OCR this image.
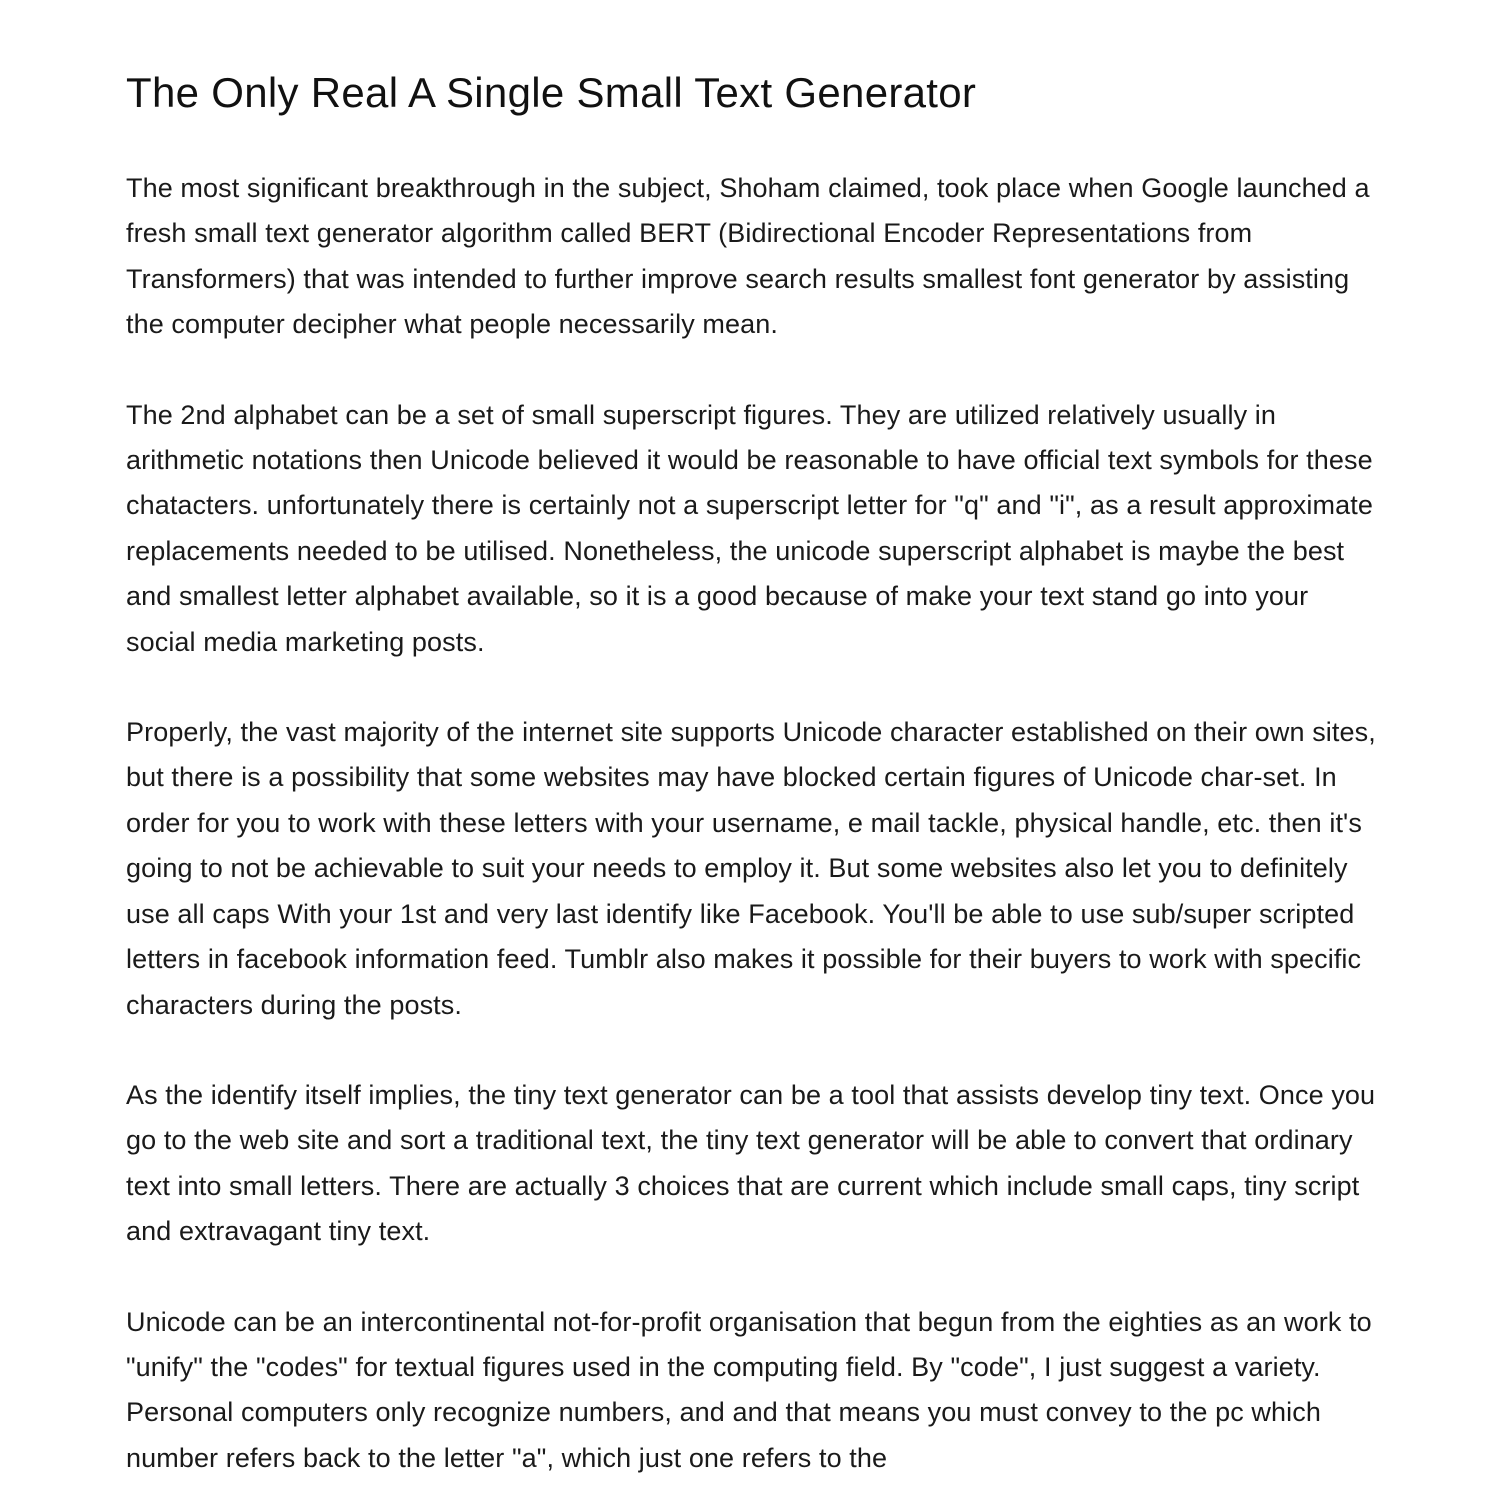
The Only Real A Single Small Text Generator

The most significant breakthrough in the subject, Shoham claimed, took place when Google launched a fresh small text generator algorithm called BERT (Bidirectional Encoder Representations from Transformers) that was intended to further improve search results smallest font generator by assisting the computer decipher what people necessarily mean.

The 2nd alphabet can be a set of small superscript figures. They are utilized relatively usually in arithmetic notations then Unicode believed it would be reasonable to have official text symbols for these chatacters. unfortunately there is certainly not a superscript letter for "q" and "i", as a result approximate replacements needed to be utilised. Nonetheless, the unicode superscript alphabet is maybe the best and smallest letter alphabet available, so it is a good because of make your text stand go into your social media marketing posts.

Properly, the vast majority of the internet site supports Unicode character established on their own sites, but there is a possibility that some websites may have blocked certain figures of Unicode char-set. In order for you to work with these letters with your username, e mail tackle, physical handle, etc. then it's going to not be achievable to suit your needs to employ it. But some websites also let you to definitely use all caps With your 1st and very last identify like Facebook. You'll be able to use sub/super scripted letters in facebook information feed. Tumblr also makes it possible for their buyers to work with specific characters during the posts.

As the identify itself implies, the tiny text generator can be a tool that assists develop tiny text. Once you go to the web site and sort a traditional text, the tiny text generator will be able to convert that ordinary text into small letters. There are actually 3 choices that are current which include small caps, tiny script and extravagant tiny text.

Unicode can be an intercontinental not-for-profit organisation that begun from the eighties as an work to "unify" the "codes" for textual figures used in the computing field. By "code", I just suggest a variety. Personal computers only recognize numbers, and and that means you must convey to the pc which number refers back to the letter "a", which just one refers to the
